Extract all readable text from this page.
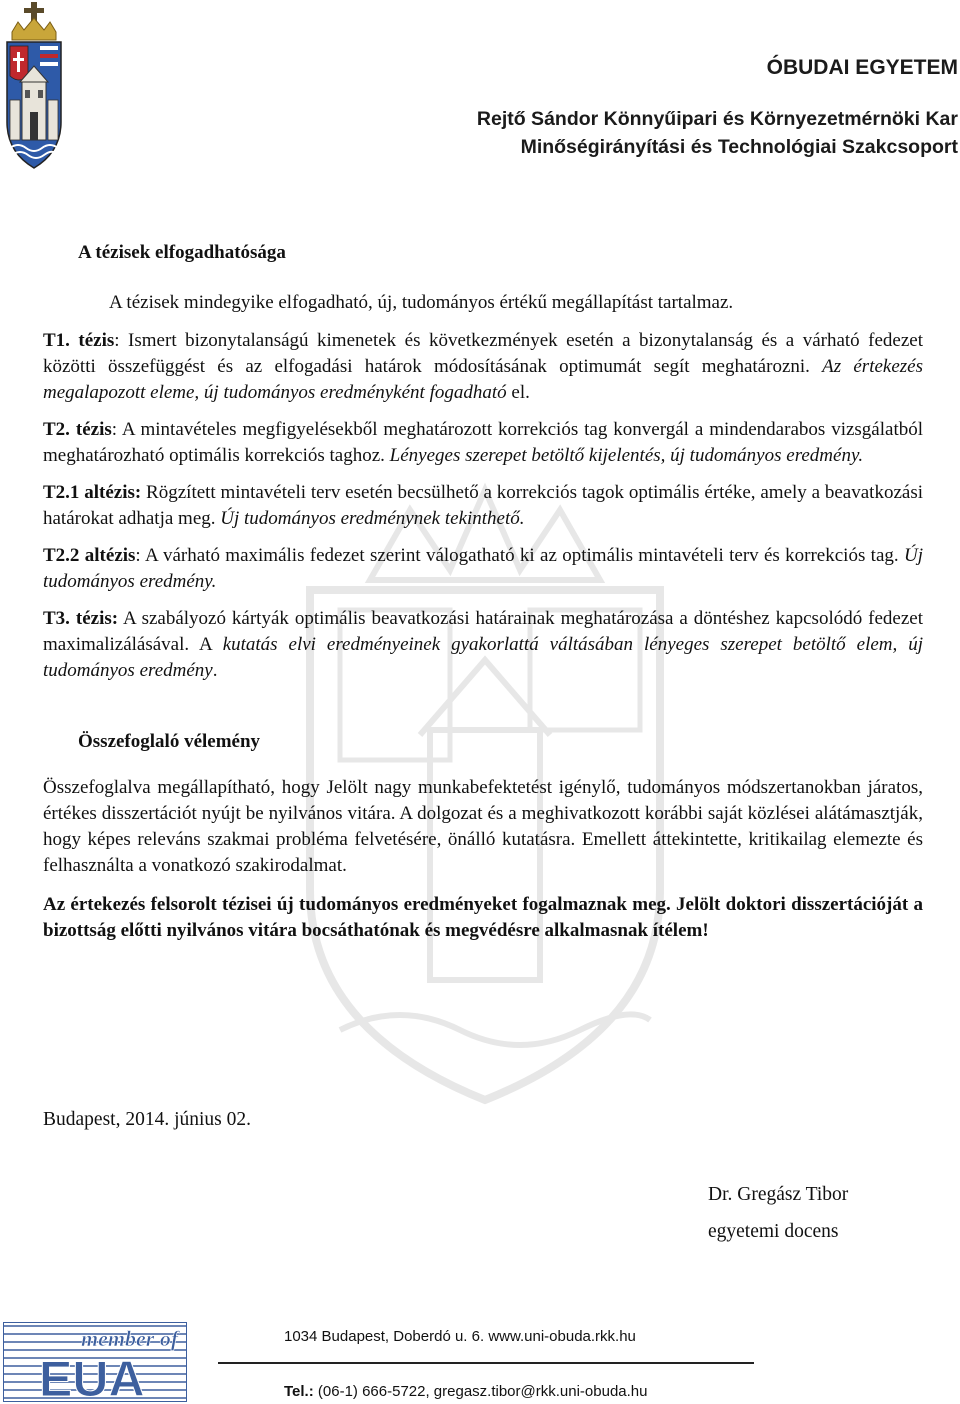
ÓBUDAI EGYETEM
Rejtő Sándor Könnyűipari és Környezetmérnöki Kar
Minőségirányítási és Technológiai Szakcsoport
A tézisek elfogadhatósága
A tézisek mindegyike elfogadható, új, tudományos értékű megállapítást tartalmaz.
T1. tézis: Ismert bizonytalanságú kimenetek és következmények esetén a bizonytalanság és a várható fedezet közötti összefüggést és az elfogadási határok módosításának optimumát segít meghatározni. Az értekezés megalapozott eleme, új tudományos eredményként fogadható el.
T2. tézis: A mintavételes megfigyelésekből meghatározott korrekciós tag konvergál a mindendarabos vizsgálatból meghatározható optimális korrekciós taghoz. Lényeges szerepet betöltő kijelentés, új tudományos eredmény.
T2.1 altézis: Rögzített mintavételi terv esetén becsülhető a korrekciós tagok optimális értéke, amely a beavatkozási határokat adhatja meg. Új tudományos eredménynek tekinthető.
T2.2 altézis: A várható maximális fedezet szerint válogatható ki az optimális mintavételi terv és korrekciós tag. Új tudományos eredmény.
T3. tézis: A szabályozó kártyák optimális beavatkozási határainak meghatározása a döntéshez kapcsolódó fedezet maximalizálásával. A kutatás elvi eredményeinek gyakorlattá váltásában lényeges szerepet betöltő elem, új tudományos eredmény.
Összefoglaló vélemény
Összefoglalva megállapítható, hogy Jelölt nagy munkabefektetést igénylő, tudományos módszertanokban járatos, értékes disszertációt nyújt be nyilvános vitára. A dolgozat és a meghivatkozott korábbi saját közlései alátámasztják, hogy képes releváns szakmai probléma felvetésére, önálló kutatásra. Emellett áttekintette, kritikailag elemezte és felhasználta a vonatkozó szakirodalmat.
Az értekezés felsorolt tézisei új tudományos eredményeket fogalmaznak meg. Jelölt doktori disszertációját a bizottság előtti nyilvános vitára bocsáthatónak és megvédésre alkalmasnak ítélem!
Budapest, 2014. június 02.
Dr. Gregász Tibor
egyetemi docens
member of
EUA
1034 Budapest, Doberdó u. 6. www.uni-obuda.rkk.hu
Tel.: (06-1) 666-5722, gregasz.tibor@rkk.uni-obuda.hu
